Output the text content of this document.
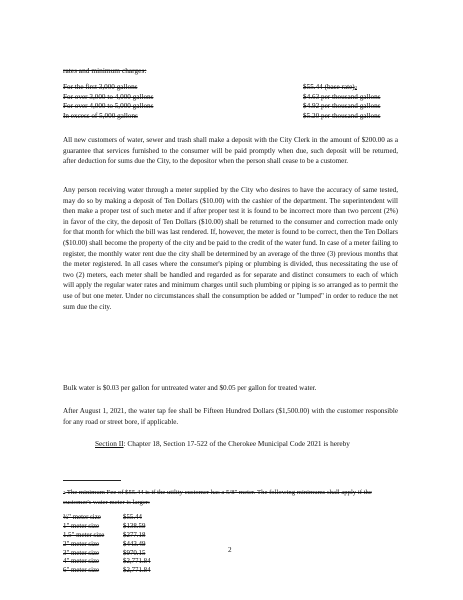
rates and minimum charges:
For the first 3,000 gallons	$55.44 (base rate)$^2$
For over 3,000 to 4,000 gallons	$4.63 per thousand gallons
For over 4,000 to 5,000 gallons	$4.92 per thousand gallons
In excess of 5,000 gallons	$5.20 per thousand gallons

All new customers of water, sewer and trash shall make a deposit with the City Clerk in the amount of $200.00 as a guarantee that services furnished to the consumer will be paid promptly when due, such deposit will be returned, after deduction for sums due the City, to the depositor when the person shall cease to be a customer.

Any person receiving water through a meter supplied by the City who desires to have the accuracy of same tested, may do so by making a deposit of Ten Dollars ($10.00) with the cashier of the department. The superintendent will then make a proper test of such meter and if after proper test it is found to be incorrect more than two percent (2%) in favor of the city, the deposit of Ten Dollars ($10.00) shall be returned to the consumer and correction made only for that month for which the bill was last rendered. If, however, the meter is found to be correct, then the Ten Dollars ($10.00) shall become the property of the city and be paid to the credit of the water fund. In case of a meter failing to register, the monthly water rent due the city shall be determined by an average of the three (3) previous months that the meter registered. In all cases where the consumer's piping or plumbing is divided, thus necessitating the use of two (2) meters, each meter shall be handled and regarded as for separate and distinct consumers to each of which will apply the regular water rates and minimum charges until such plumbing or piping is so arranged as to permit the use of but one meter. Under no circumstances shall the consumption be added or "lumped" in order to reduce the net sum due the city.

Bulk water is $0.03 per gallon for untreated water and $0.05 per gallon for treated water.

After August 1, 2021, the water tap fee shall be Fifteen Hundred Dollars ($1,500.00) with the customer responsible for any road or street bore, if applicable.

Section II: Chapter 18, Section 17-522 of the Cherokee Municipal Code 2021 is hereby

$^2$ The minimum Fee of $55.44 is if the utility customer has a 5/8" meter. The following minimums shall apply if the customer's water meter is larger:

¾" meter size	$55.44
1" meter size	$138.59
1.5" meter size	$277.18
2" meter size	$443.49
3" meter size	$970.15
4" meter size	$2,771.84
6" meter size	$2,771.84
2
